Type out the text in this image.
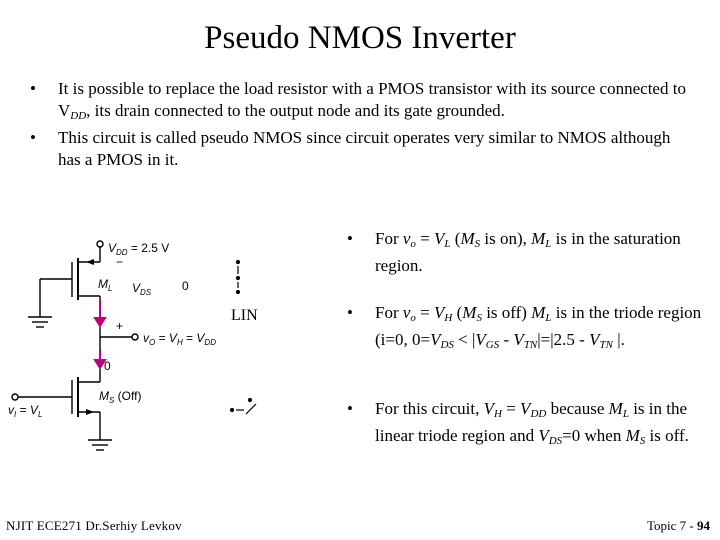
Pseudo NMOS Inverter
• It is possible to replace the load resistor with a PMOS transistor with its source connected to VDD, its drain connected to the output node and its gate grounded.
• This circuit is called pseudo NMOS since circuit operates very similar to NMOS although has a PMOS in it.
• For vo = VL (MS is on), ML is in the saturation region.
• For vo = VH (MS is off) ML is in the triode region (i=0, 0=VDS < |VGS - VTN|=|2.5 - VTN |.
• For this circuit, VH = VDD because ML is in the linear triode region and VDS=0 when MS is off.
LIN
$V_{DD} = 2.5$ V
−
$M_L$ $V_{DS}$	0
+
$v_O = V_H = V_{DD}$
0
$M_S$ (Off)
$v_I = V_L$
NJIT ECE271 Dr.Serhiy Levkov	Topic 7 - 94
